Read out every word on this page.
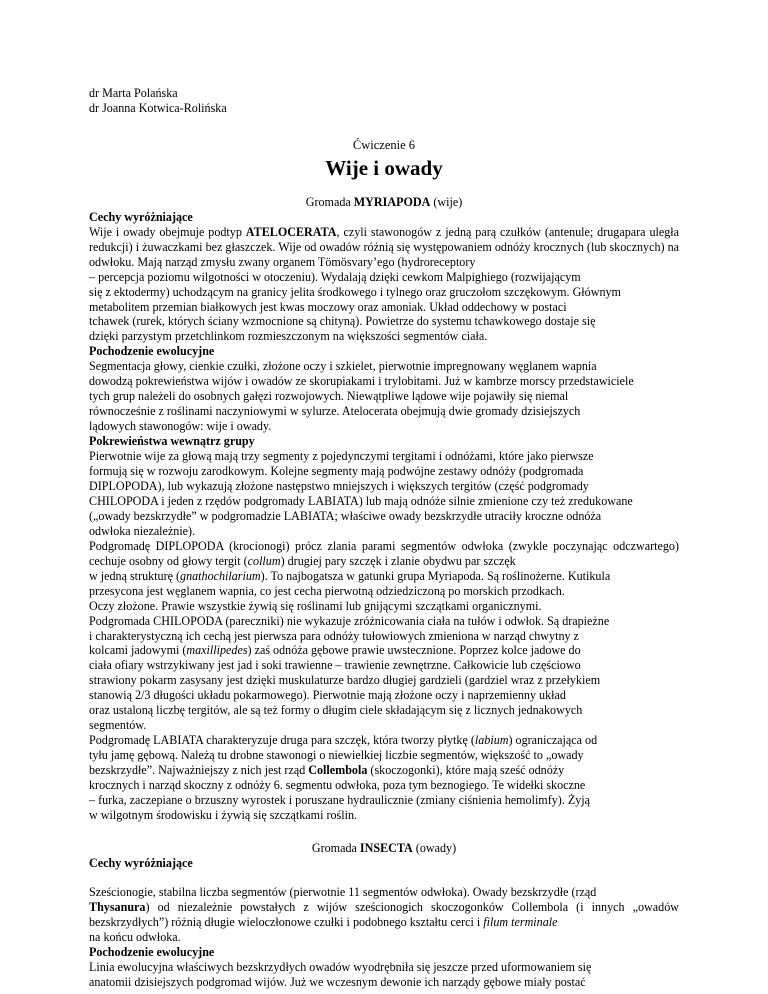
dr Marta Polańska
dr Joanna Kotwica-Rolińska
Ćwiczenie 6
Wije i owady
Gromada MYRIAPODA (wije)
Cechy wyróżniające
Wije i owady obejmuje podtyp ATELOCERATA, czyli stawonogów z jedną parą czułków (antenule; drugapara uległa redukcji) i żuwaczkami bez głaszczek. Wije od owadów różnią się występowaniem odnóży krocznych (lub skocznych) na odwłoku. Mają narząd zmysłu zwany organem Tömösvary’ego (hydroreceptory
– percepcja poziomu wilgotności w otoczeniu). Wydalają dzięki cewkom Malpighiego (rozwijającym
się z ektodermy) uchodzącym na granicy jelita środkowego i tylnego oraz gruczołom szczękowym. Głównym
metabolitem przemian białkowych jest kwas moczowy oraz amoniak. Układ oddechowy w postaci
tchawek (rurek, których ściany wzmocnione są chityną). Powietrze do systemu tchawkowego dostaje się
dzięki parzystym przetchlinkom rozmieszczonym na większości segmentów ciała.
Pochodzenie ewolucyjne
Segmentacja głowy, cienkie czułki, złożone oczy i szkielet, pierwotnie impregnowany węglanem wapnia
dowodzą pokrewieństwa wijów i owadów ze skorupiakami i trylobitami. Już w kambrze morscy przedstawiciele
tych grup należeli do osobnych gałęzi rozwojowych. Niewątpliwe lądowe wije pojawiły się niemal
równocześnie z roślinami naczyniowymi w sylurze. Atelocerata obejmują dwie gromady dzisiejszych
lądowych stawonogów: wije i owady.
Pokrewieństwa wewnątrz grupy
Pierwotnie wije za głową mają trzy segmenty z pojedynczymi tergitami i odnóżami, które jako pierwsze
formują się w rozwoju zarodkowym. Kolejne segmenty mają podwójne zestawy odnóży (podgromada
DIPLOPODA), lub wykazują złożone następstwo mniejszych i większych tergitów (część podgromady
CHILOPODA i jeden z rzędów podgromady LABIATA) lub mają odnóże silnie zmienione czy też zredukowane
(„owady bezskrzydłe” w podgromadzie LABIATA; właściwe owady bezskrzydłe utraciły kroczne odnóża
odwłoka niezależnie).
Podgromadę DIPLOPODA (krocionogi) prócz zlania parami segmentów odwłoka (zwykle poczynając odczwartego) cechuje osobny od głowy tergit (collum) drugiej pary szczęk i zlanie obydwu par szczęk
w jedną strukturę (gnathochilarium). To najbogatsza w gatunki grupa Myriapoda. Są roślinożerne. Kutikula
przesycona jest węglanem wapnia, co jest cecha pierwotną odziedziczoną po morskich przodkach.
Oczy złożone. Prawie wszystkie żywią się roślinami lub gnijącymi szczątkami organicznymi.
Podgromada CHILOPODA (pareczniki) nie wykazuje zróżnicowania ciała na tułów i odwłok. Są drapieżne
i charakterystyczną ich cechą jest pierwsza para odnóży tułowiowych zmieniona w narząd chwytny z
kolcami jadowymi (maxillipedes) zaś odnóża gębowe prawie uwstecznione. Poprzez kolce jadowe do
ciała ofiary wstrzykiwany jest jad i soki trawienne – trawienie zewnętrzne. Całkowicie lub częściowo
strawiony pokarm zasysany jest dzięki muskulaturze bardzo długiej gardzieli (gardziel wraz z przełykiem
stanowią 2/3 długości układu pokarmowego). Pierwotnie mają złożone oczy i naprzemienny układ
oraz ustaloną liczbę tergitów, ale są też formy o długim ciele składającym się z licznych jednakowych
segmentów.
Podgromadę LABIATA charakteryzuje druga para szczęk, która tworzy płytkę (labium) ograniczająca od
tyłu jamę gębową. Należą tu drobne stawonogi o niewielkiej liczbie segmentów, większość to „owady
bezskrzydłe”. Najważniejszy z nich jest rząd Collembola (skoczogonki), które mają sześć odnóży
krocznych i narząd skoczny z odnóży 6. segmentu odwłoka, poza tym beznogiego. Te widełki skoczne
– furka, zaczepiane o brzuszny wyrostek i poruszane hydraulicznie (zmiany ciśnienia hemolimfy). Żyją
w wilgotnym środowisku i żywią się szczątkami roślin.
Gromada INSECTA (owady)
Cechy wyróżniające
Sześcionogie, stabilna liczba segmentów (pierwotnie 11 segmentów odwłoka). Owady bezskrzydłe (rząd
Thysanura) od niezależnie powstałych z wijów sześcionogich skoczogonków Collembola (i innych „owadów bezskrzydłych”) różnią długie wieloczłonowe czułki i podobnego kształtu cerci i filum terminale
na końcu odwłoka.
Pochodzenie ewolucyjne
Linia ewolucyjna właściwych bezskrzydłych owadów wyodrębniła się jeszcze przed uformowaniem się
anatomii dzisiejszych podgromad wijów. Już we wczesnym dewonie ich narządy gębowe miały postać
